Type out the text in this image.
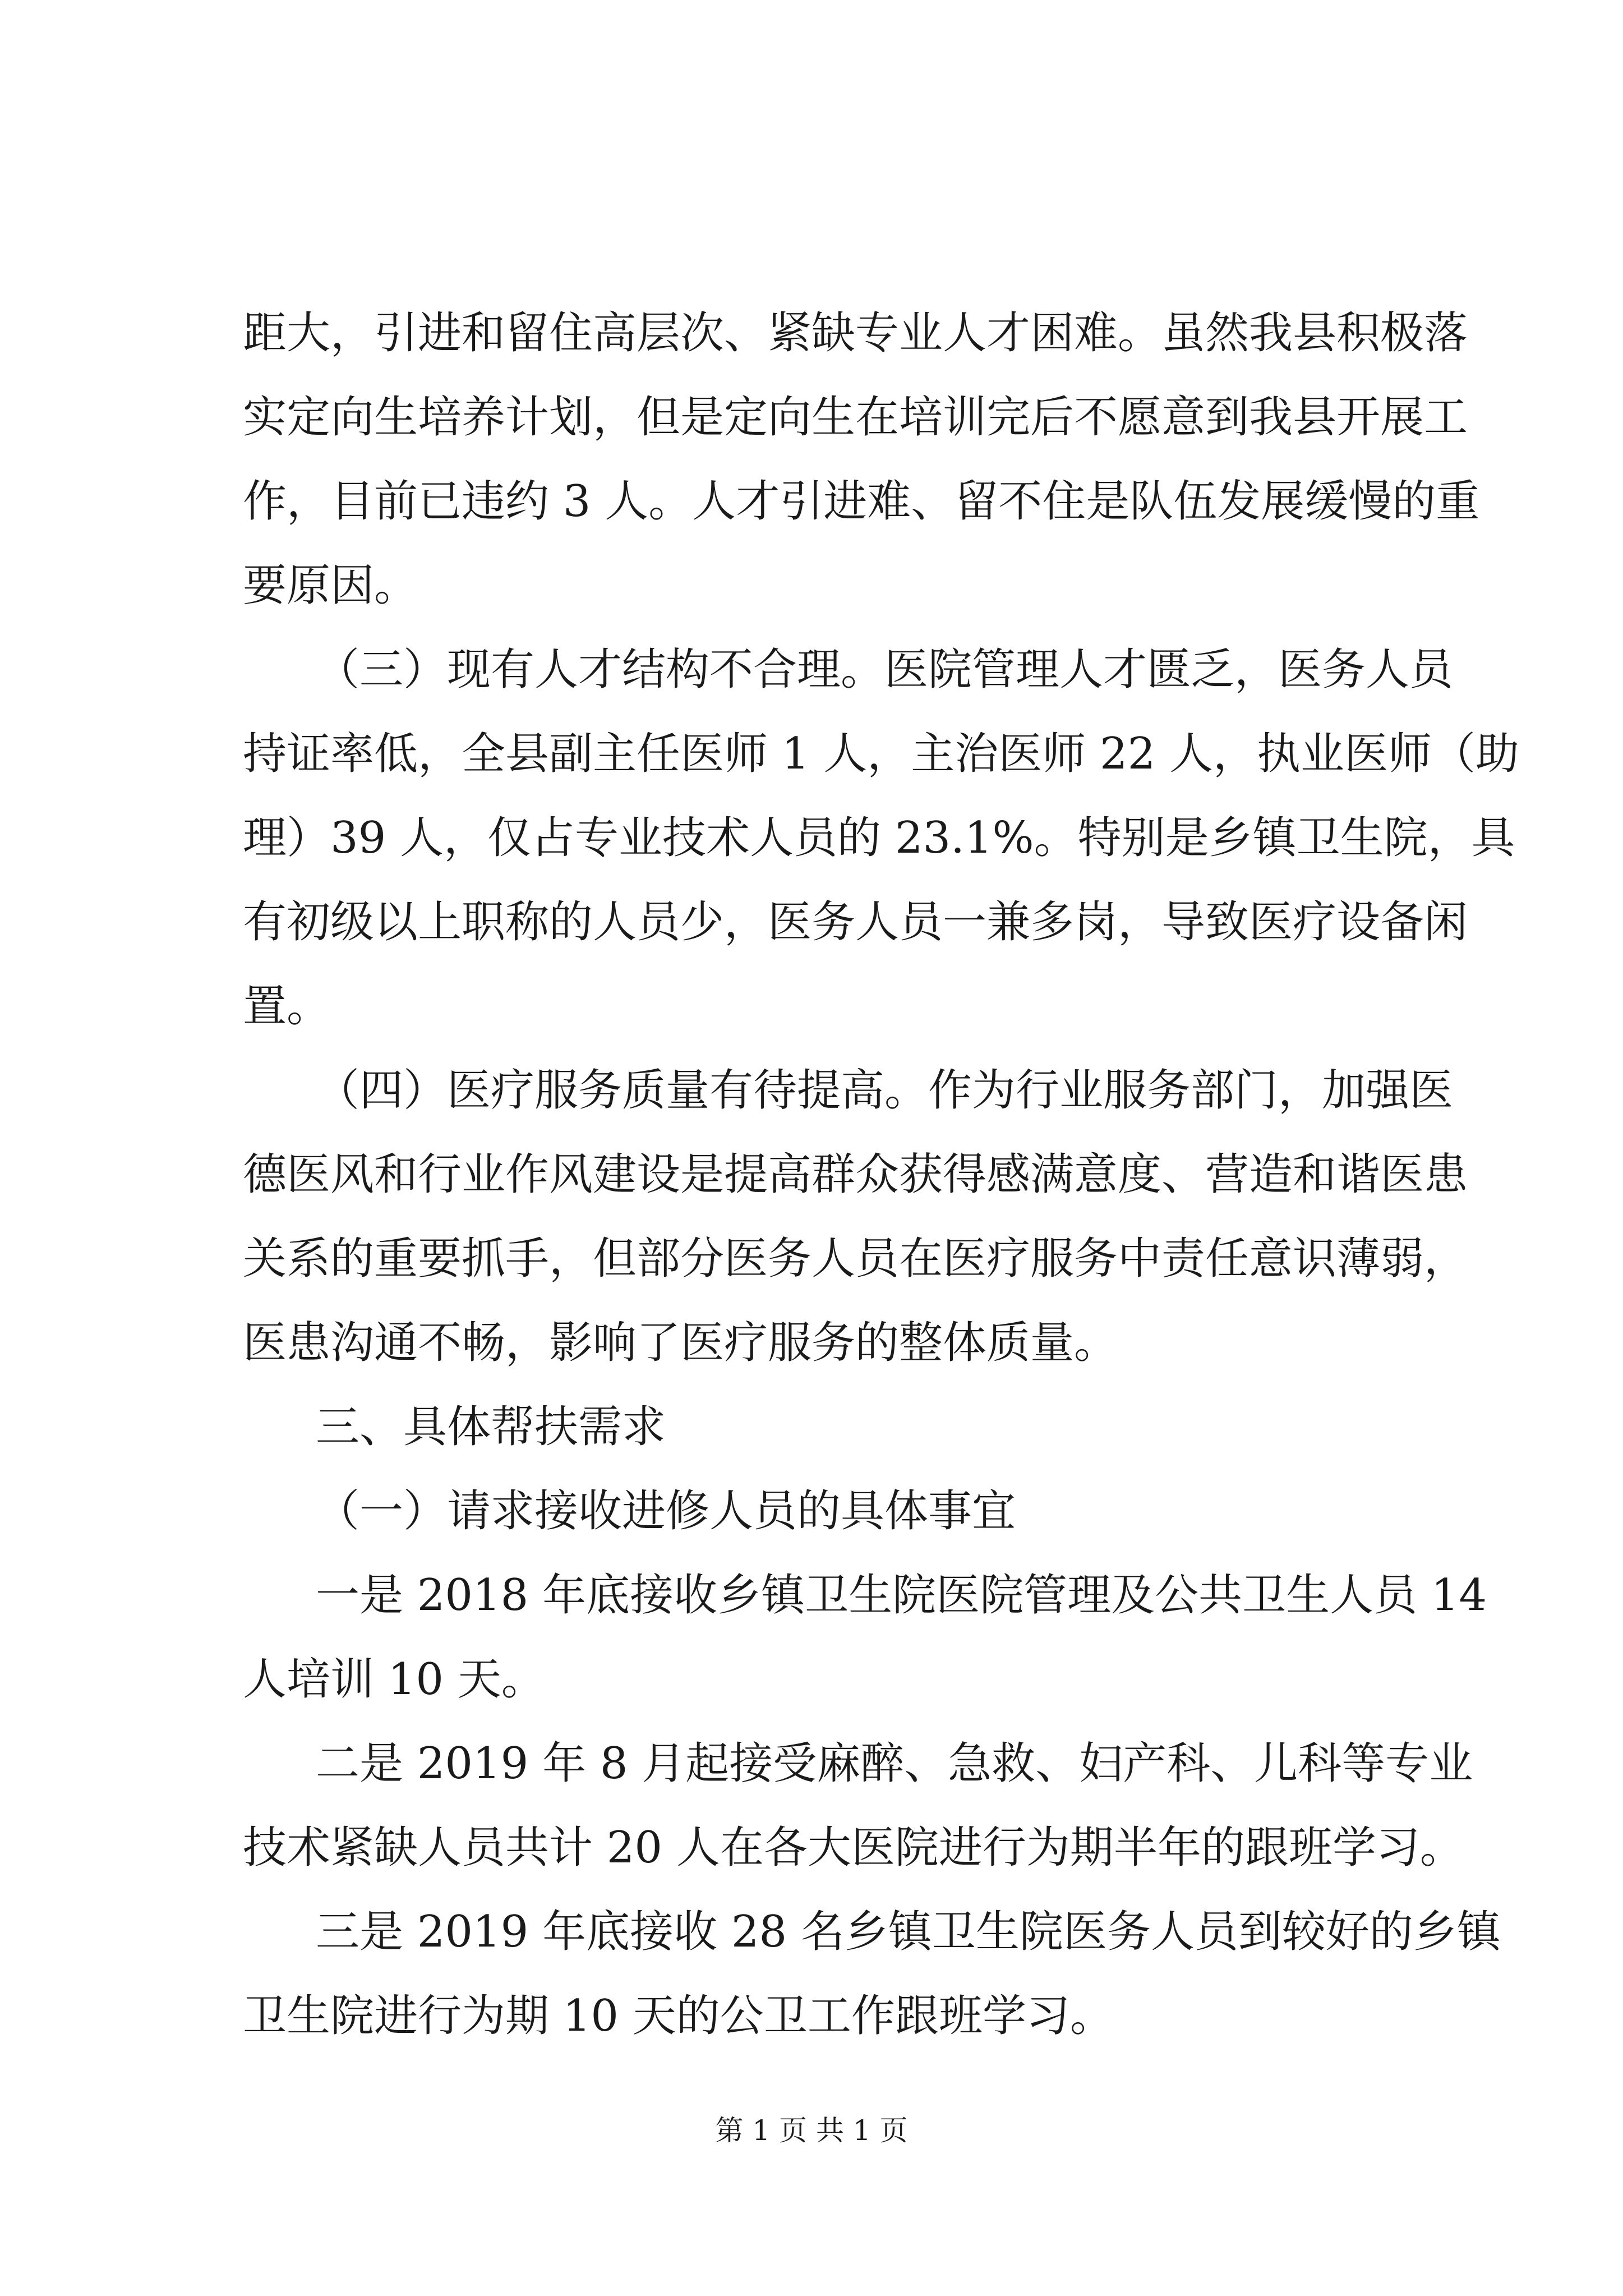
距大，引进和留住高层次、紧缺专业人才困难。虽然我县积极落
实定向生培养计划，但是定向生在培训完后不愿意到我县开展工
作，目前已违约 3 人。人才引进难、留不住是队伍发展缓慢的重
要原因。
（三）现有人才结构不合理。医院管理人才匮乏，医务人员
持证率低，全县副主任医师 1 人，主治医师 22 人，执业医师（助
理）39 人，仅占专业技术人员的 23.1%。特别是乡镇卫生院，具
有初级以上职称的人员少，医务人员一兼多岗，导致医疗设备闲
置。
（四）医疗服务质量有待提高。作为行业服务部门，加强医
德医风和行业作风建设是提高群众获得感满意度、营造和谐医患
关系的重要抓手，但部分医务人员在医疗服务中责任意识薄弱，
医患沟通不畅，影响了医疗服务的整体质量。
三、具体帮扶需求
（一）请求接收进修人员的具体事宜
一是 2018 年底接收乡镇卫生院医院管理及公共卫生人员 14
人培训 10 天。
二是 2019 年 8 月起接受麻醉、急救、妇产科、儿科等专业
技术紧缺人员共计 20 人在各大医院进行为期半年的跟班学习。
三是 2019 年底接收 28 名乡镇卫生院医务人员到较好的乡镇
卫生院进行为期 10 天的公卫工作跟班学习。
第 1 页 共 1 页
